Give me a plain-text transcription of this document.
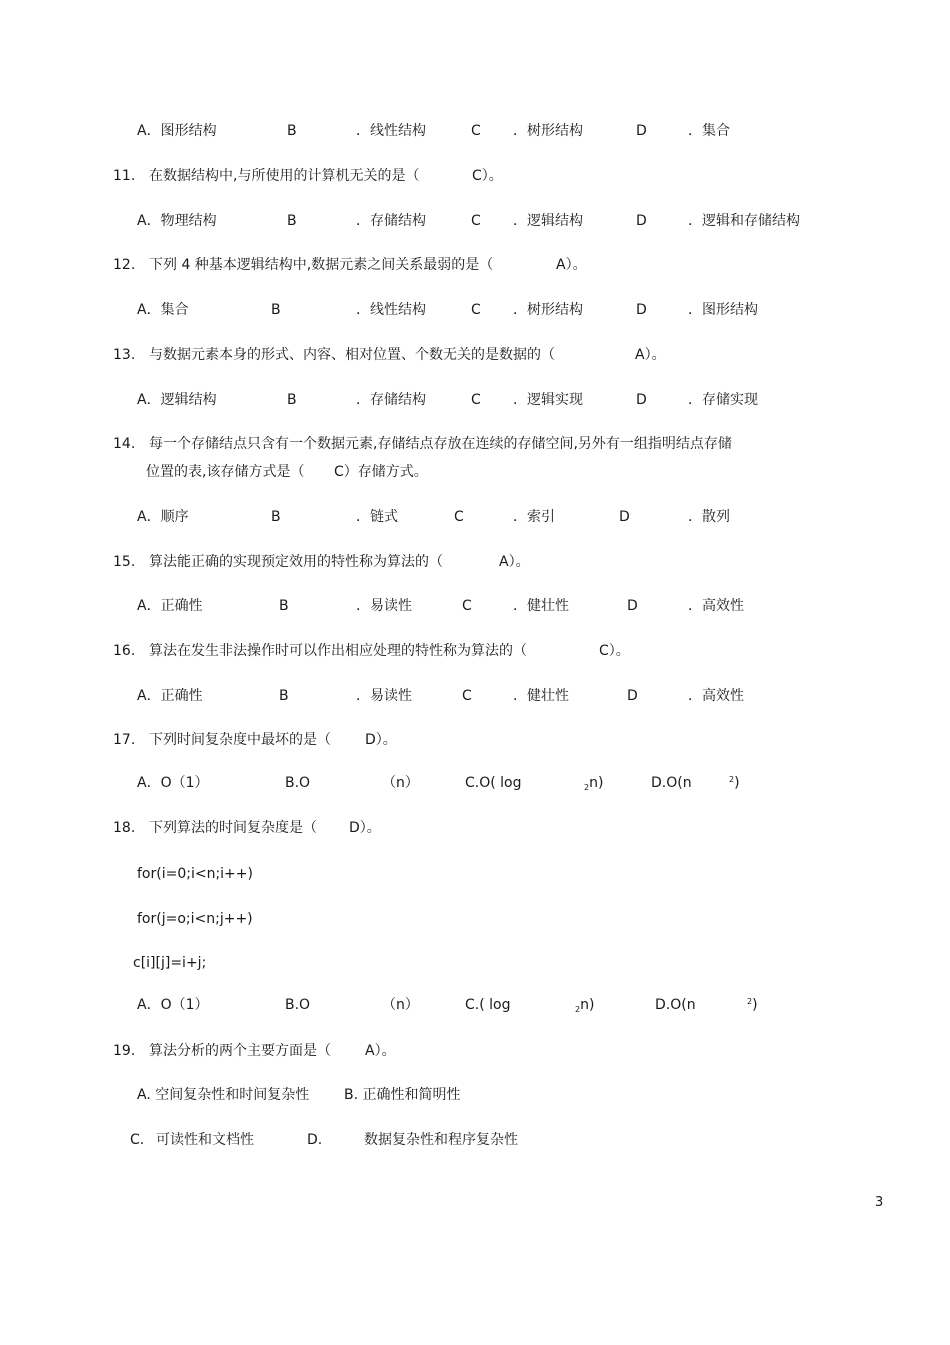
A．图形结构	B	．线性结构	C ．树形结构	D	．集合
11. 在数据结构中,与所使用的计算机无关的是（	C）。
A．物理结构	B	．存储结构	C ．逻辑结构	D	．逻辑和存储结构
12. 下列 4 种基本逻辑结构中,数据元素之间关系最弱的是（	A）。
A．集合	B	．线性结构	C ．树形结构	D	．图形结构
13. 与数据元素本身的形式、内容、相对位置、个数无关的是数据的（	A）。
A．逻辑结构	B	．存储结构	C ．逻辑实现	D	．存储实现
14. 每一个存储结点只含有一个数据元素,存储结点存放在连续的存储空间,另外有一组指明结点存储
位置的表,该存储方式是（ C）存储方式。
A．顺序	B	．链式	C	．索引	D	．散列
15. 算法能正确的实现预定效用的特性称为算法的（	A）。
A．正确性	B	．易读性	C	．健壮性	D	．高效性
16. 算法在发生非法操作时可以作出相应处理的特性称为算法的（	C）。
A．正确性	B	．易读性	C	．健壮性	D	．高效性
17. 下列时间复杂度中最坏的是（ D）。
A．O（1）	B.O	（n）	C.O( log	$_2$n)	D.O(n	$^2$)
18. 下列算法的时间复杂度是（ D）。
for(i=0;i<n;i++)
for(j=o;i<n;j++)
c[i][j]=i+j;
A．O（1）	B.O	（n）	C.( log	$_2$n)	D.O(n	$^2$)
19. 算法分析的两个主要方面是（ A）。
A. 空间复杂性和时间复杂性 B. 正确性和简明性
C. 可读性和文档性	D.	数据复杂性和程序复杂性
3
